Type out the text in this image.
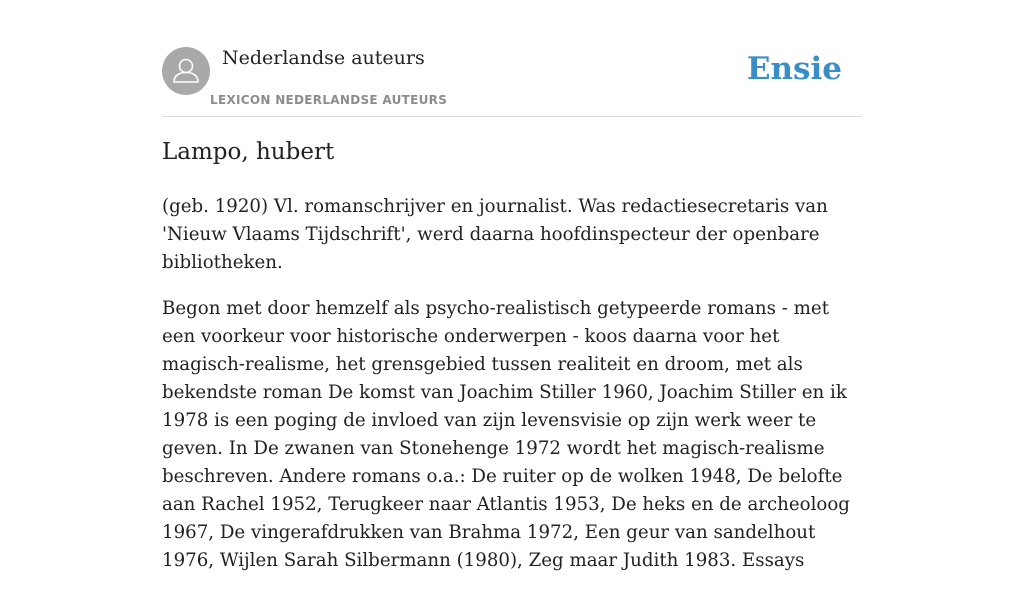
Nederlandse auteurs
LEXICON NEDERLANDSE AUTEURS
Ensie
Lampo, hubert

(geb. 1920) Vl. romanschrijver en journalist. Was redactiesecretaris van 'Nieuw Vlaams Tijdschrift', werd daarna hoofdinspecteur der openbare bibliotheken.

Begon met door hemzelf als psycho-realistisch getypeerde romans - met een voorkeur voor historische onderwerpen - koos daarna voor het magisch-realisme, het grensgebied tussen realiteit en droom, met als bekendste roman De komst van Joachim Stiller 1960, Joachim Stiller en ik 1978 is een poging de invloed van zijn levensvisie op zijn werk weer te geven. In De zwanen van Stonehenge 1972 wordt het magisch-realisme beschreven. Andere romans o.a.: De ruiter op de wolken 1948, De belofte aan Rachel 1952, Terugkeer naar Atlantis 1953, De heks en de archeoloog 1967, De vingerafdrukken van Brahma 1972, Een geur van sandelhout 1976, Wijlen Sarah Silbermann (1980), Zeg maar Judith 1983. Essays
